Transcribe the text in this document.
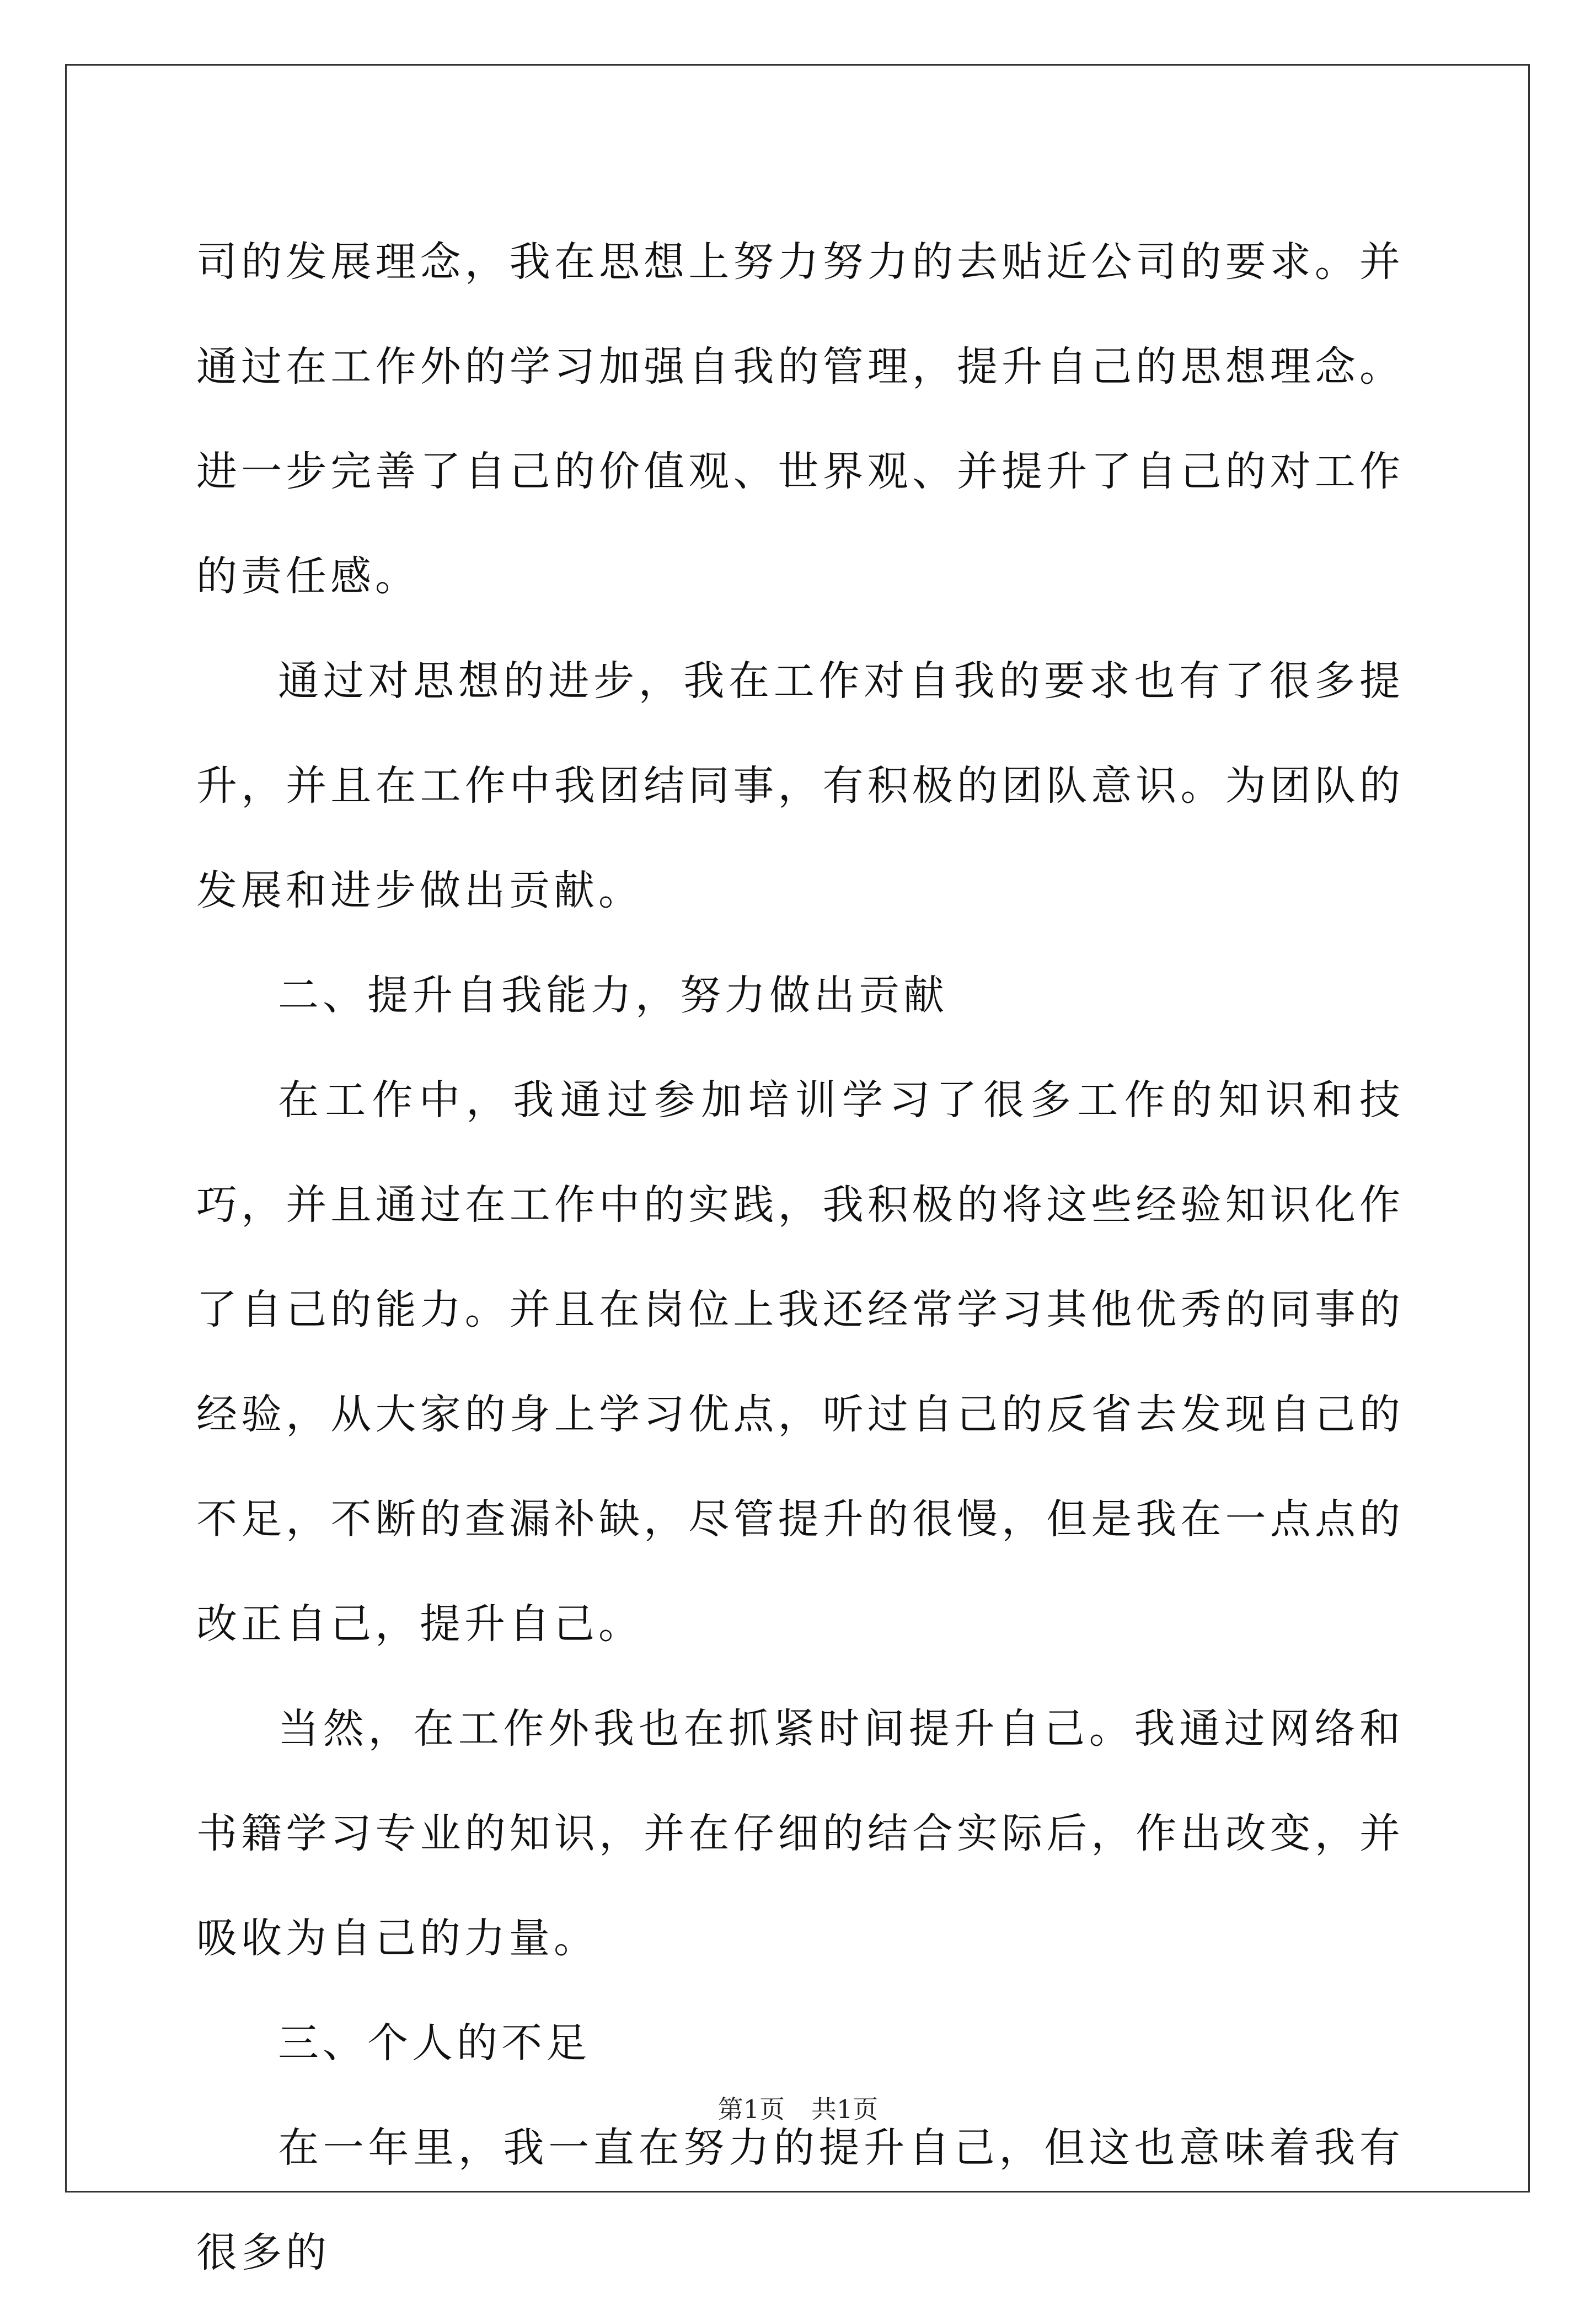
司的发展理念，我在思想上努力努力的去贴近公司的要求。并通过在工作外的学习加强自我的管理，提升自己的思想理念。进一步完善了自己的价值观、世界观、并提升了自己的对工作的责任感。

通过对思想的进步，我在工作对自我的要求也有了很多提升，并且在工作中我团结同事，有积极的团队意识。为团队的发展和进步做出贡献。

二、提升自我能力，努力做出贡献

在工作中，我通过参加培训学习了很多工作的知识和技巧，并且通过在工作中的实践，我积极的将这些经验知识化作了自己的能力。并且在岗位上我还经常学习其他优秀的同事的经验，从大家的身上学习优点，听过自己的反省去发现自己的不足，不断的查漏补缺，尽管提升的很慢，但是我在一点点的改正自己，提升自己。

当然，在工作外我也在抓紧时间提升自己。我通过网络和书籍学习专业的知识，并在仔细的结合实际后，作出改变，并吸收为自己的力量。

三、个人的不足

在一年里，我一直在努力的提升自己，但这也意味着我有很多的

第1页 共1页
